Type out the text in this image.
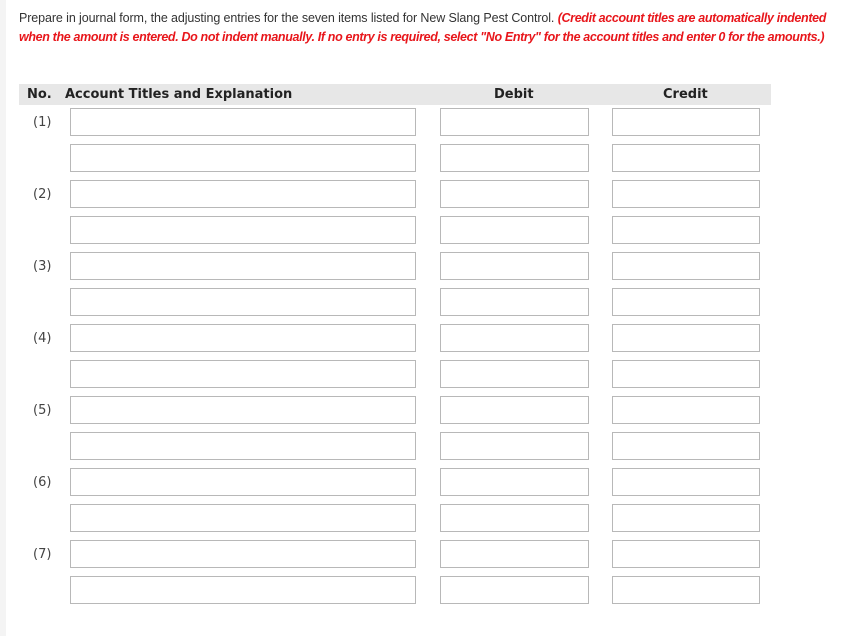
Prepare in journal form, the adjusting entries for the seven items listed for New Slang Pest Control. (Credit account titles are automatically indented when the amount is entered. Do not indent manually. If no entry is required, select "No Entry" for the account titles and enter 0 for the amounts.)
No. Account Titles and Explanation	Debit	Credit
(1)
(2)
(3)
(4)
(5)
(6)
(7)
